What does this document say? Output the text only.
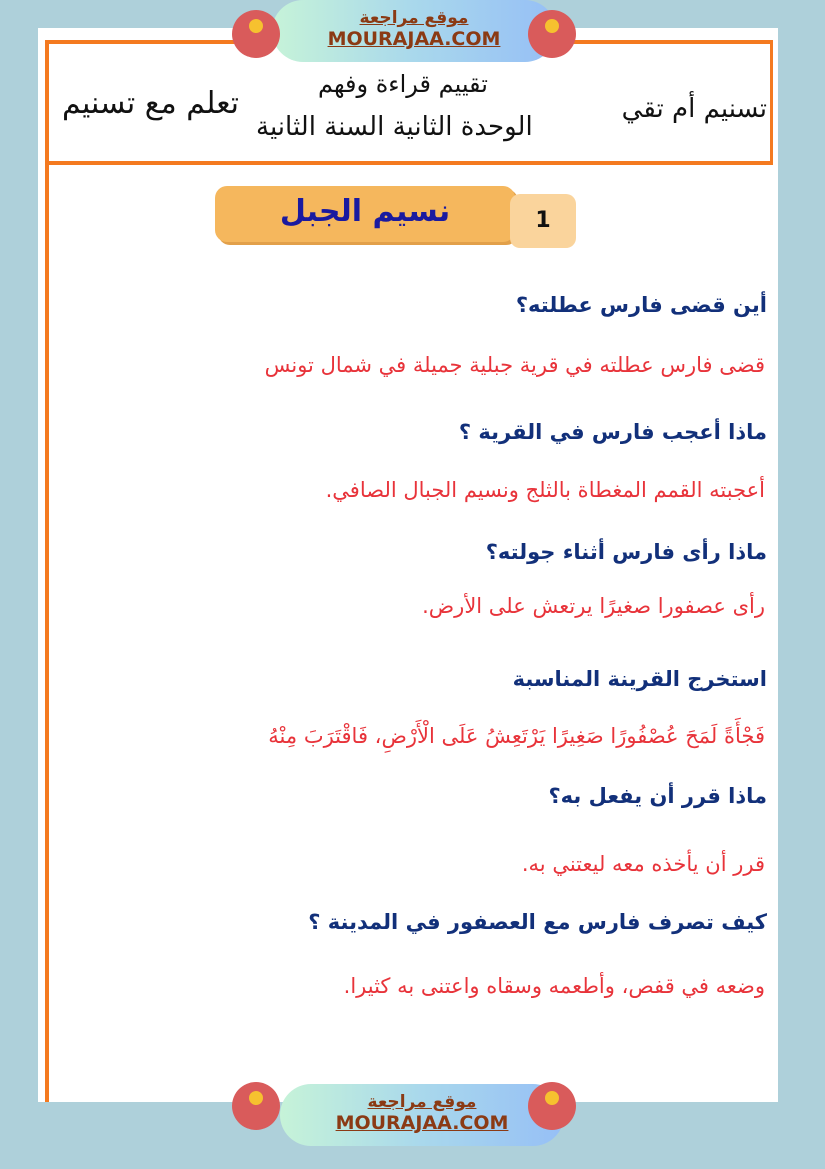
موقع مراجعة
MOURAJAA.COM
تسنيم أم تقي
تقييم قراءة وفهم
الوحدة الثانية السنة الثانية
تعلم مع تسنيم
نسيم الجبل	1
أين قضى فارس عطلته؟
قضى فارس عطلته في قرية جبلية جميلة في شمال تونس
ماذا أعجب فارس في القرية ؟
أعجبته القمم المغطاة بالثلج ونسيم الجبال الصافي.
ماذا رأى فارس أثناء جولته؟
رأى عصفورا صغيرًا يرتعش على الأرض.
استخرج القرينة المناسبة
فَجْأَةً لَمَحَ عُصْفُورًا صَغِيرًا يَرْتَعِشُ عَلَى الْأَرْضِ، فَاقْتَرَبَ مِنْهُ
ماذا قرر أن يفعل به؟
قرر أن يأخذه معه ليعتني به.
كيف تصرف فارس مع العصفور في المدينة ؟
وضعه في قفص، وأطعمه وسقاه واعتنى به كثيرا.
موقع مراجعة
MOURAJAA.COM
